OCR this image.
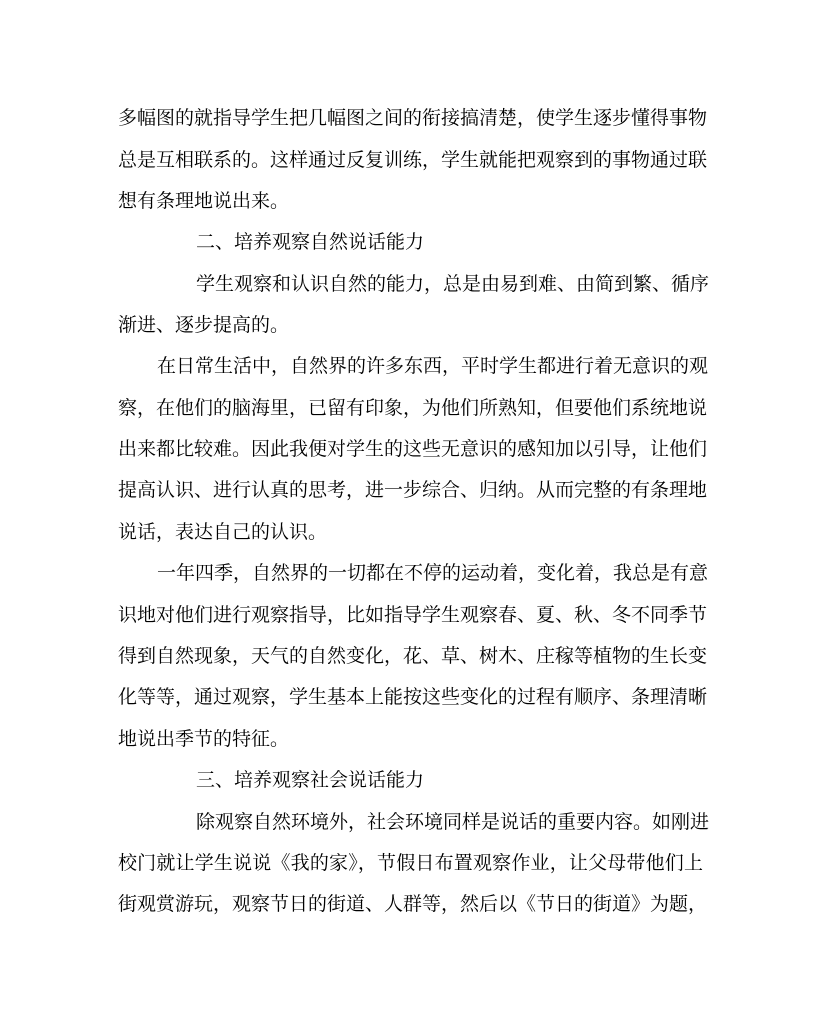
多幅图的就指导学生把几幅图之间的衔接搞清楚，使学生逐步懂得事物
总是互相联系的。这样通过反复训练，学生就能把观察到的事物通过联
想有条理地说出来。
二、培养观察自然说话能力
学生观察和认识自然的能力，总是由易到难、由简到繁、循序
渐进、逐步提高的。
在日常生活中，自然界的许多东西，平时学生都进行着无意识的观
察，在他们的脑海里，已留有印象，为他们所熟知，但要他们系统地说
出来都比较难。因此我便对学生的这些无意识的感知加以引导，让他们
提高认识、进行认真的思考，进一步综合、归纳。从而完整的有条理地
说话，表达自己的认识。
一年四季，自然界的一切都在不停的运动着，变化着，我总是有意
识地对他们进行观察指导，比如指导学生观察春、夏、秋、冬不同季节
得到自然现象，天气的自然变化，花、草、树木、庄稼等植物的生长变
化等等，通过观察，学生基本上能按这些变化的过程有顺序、条理清晰
地说出季节的特征。
三、培养观察社会说话能力
除观察自然环境外，社会环境同样是说话的重要内容。如刚进
校门就让学生说说《我的家》，节假日布置观察作业，让父母带他们上
街观赏游玩，观察节日的街道、人群等，然后以《节日的街道》为题，
